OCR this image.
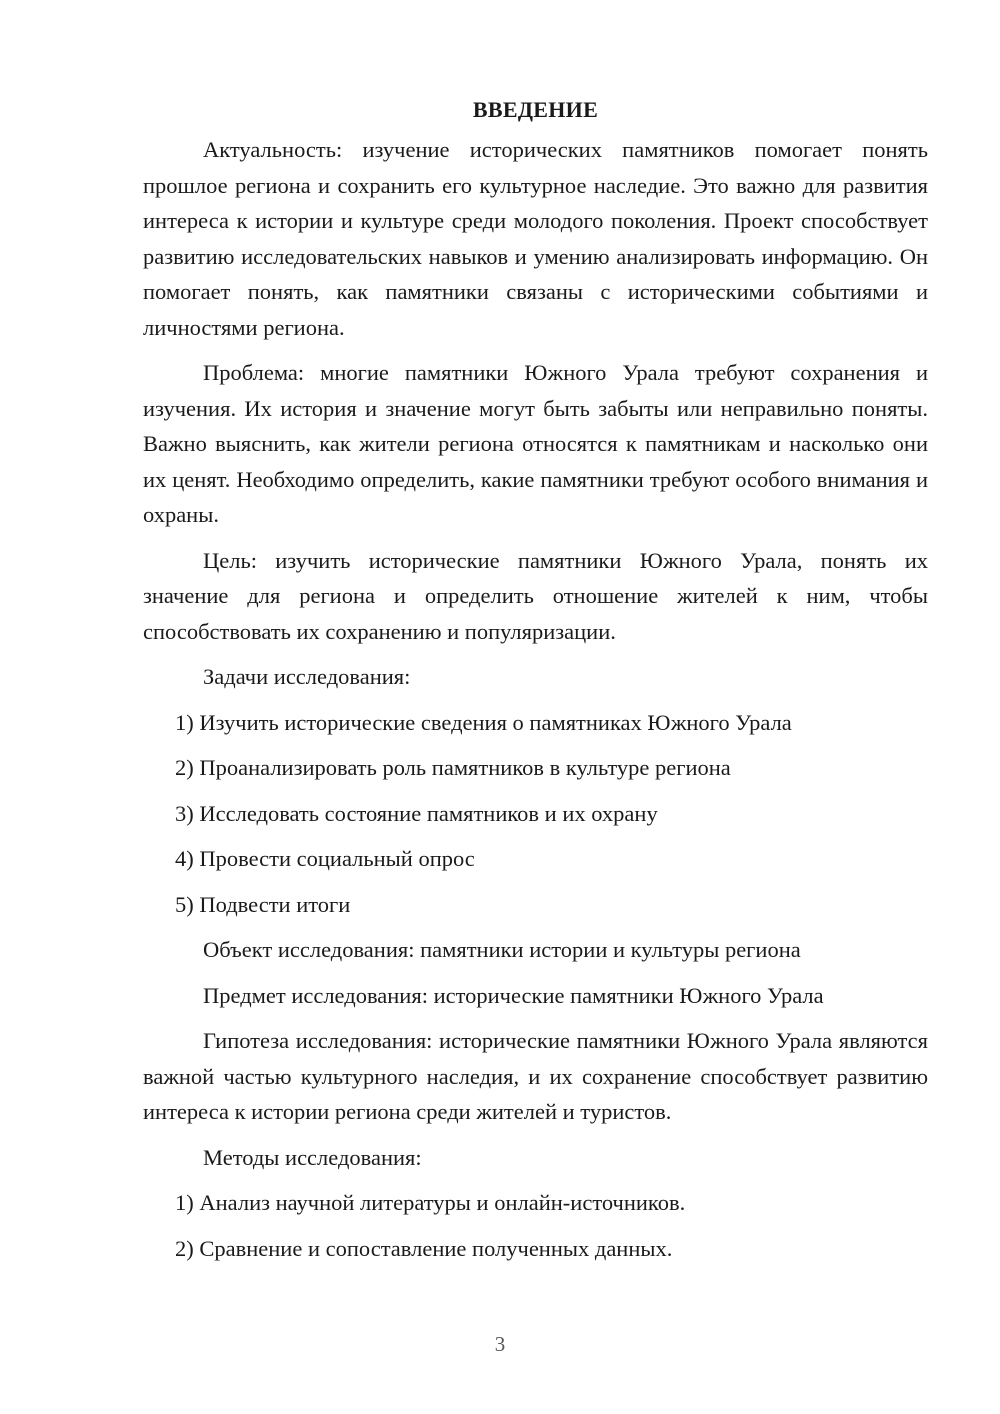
ВВЕДЕНИЕ

Актуальность: изучение исторических памятников помогает понять прошлое региона и сохранить его культурное наследие. Это важно для развития интереса к истории и культуре среди молодого поколения. Проект способствует развитию исследовательских навыков и умению анализировать информацию. Он помогает понять, как памятники связаны с историческими событиями и личностями региона.

Проблема: многие памятники Южного Урала требуют сохранения и изучения. Их история и значение могут быть забыты или неправильно поняты. Важно выяснить, как жители региона относятся к памятникам и насколько они их ценят. Необходимо определить, какие памятники требуют особого внимания и охраны.

Цель: изучить исторические памятники Южного Урала, понять их значение для региона и определить отношение жителей к ним, чтобы способствовать их сохранению и популяризации.

Задачи исследования:
1) Изучить исторические сведения о памятниках Южного Урала
2) Проанализировать роль памятников в культуре региона
3) Исследовать состояние памятников и их охрану
4) Провести социальный опрос
5) Подвести итоги
Объект исследования: памятники истории и культуры региона
Предмет исследования: исторические памятники Южного Урала

Гипотеза исследования: исторические памятники Южного Урала являются важной частью культурного наследия, и их сохранение способствует развитию интереса к истории региона среди жителей и туристов.

Методы исследования:
1) Анализ научной литературы и онлайн-источников.
2) Сравнение и сопоставление полученных данных.
3
